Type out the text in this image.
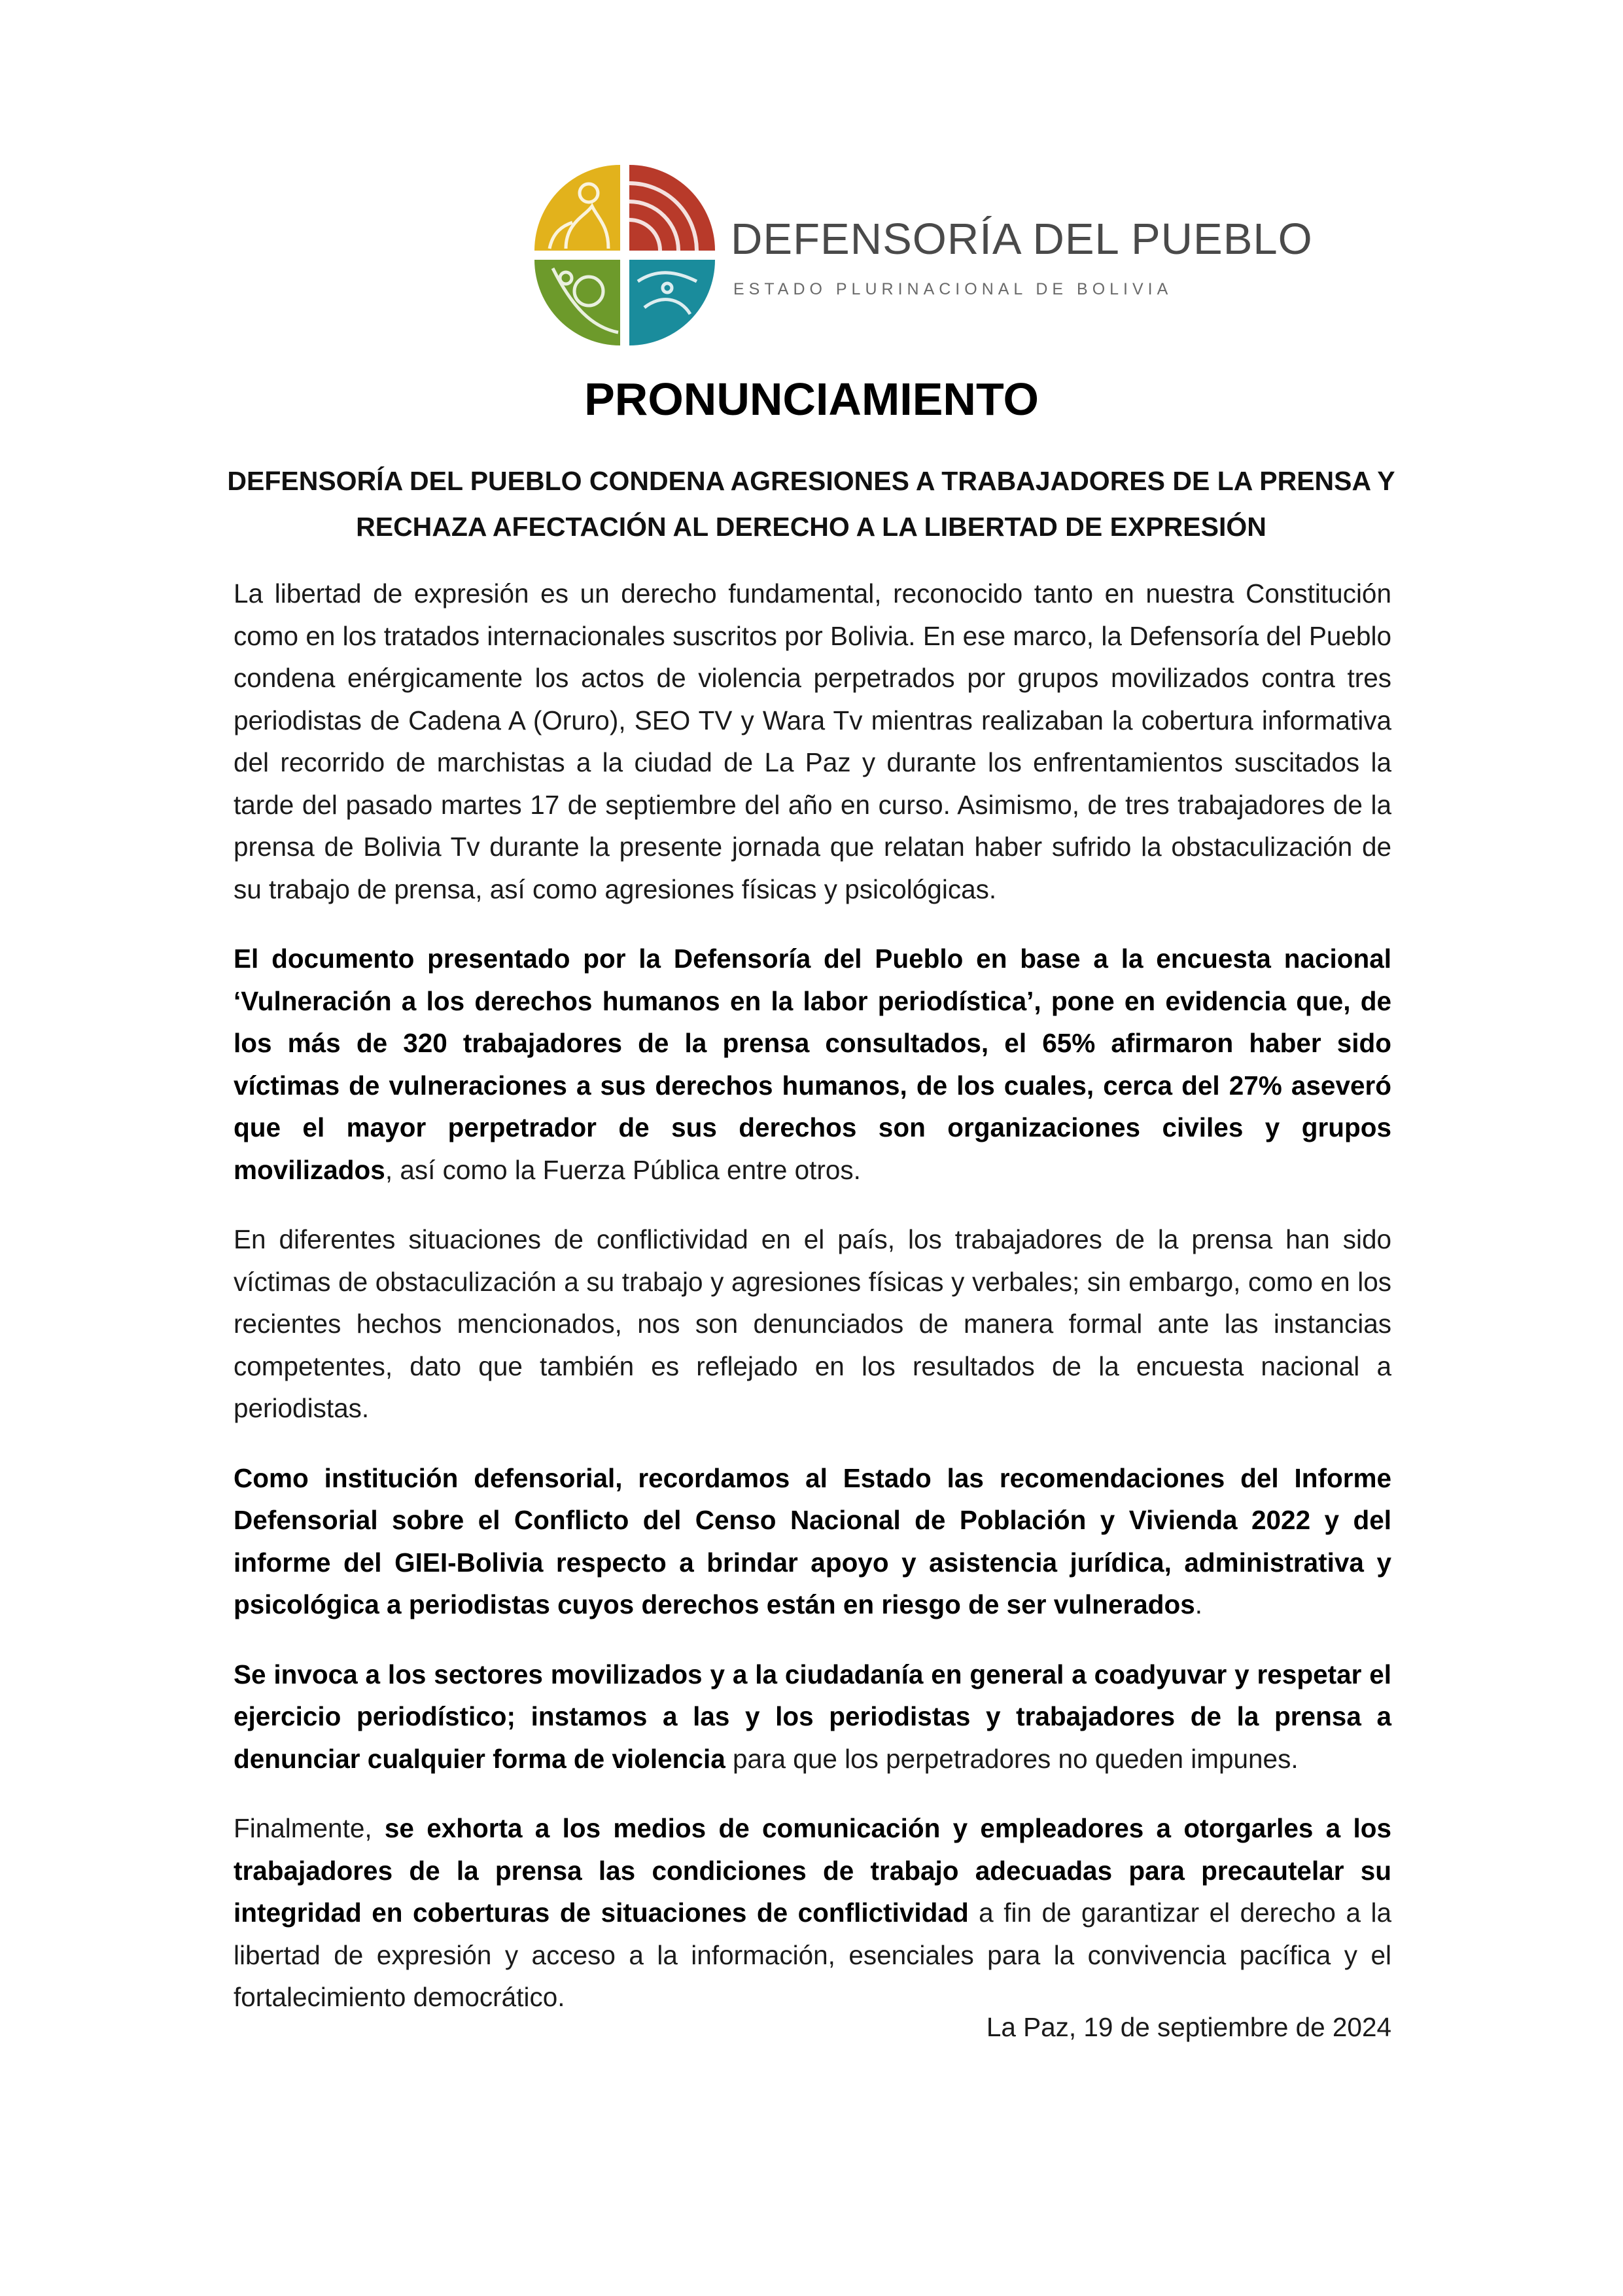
DEFENSORÍA DEL PUEBLO
ESTADO PLURINACIONAL DE BOLIVIA
PRONUNCIAMIENTO
DEFENSORÍA DEL PUEBLO CONDENA AGRESIONES A TRABAJADORES DE LA PRENSA Y
RECHAZA AFECTACIÓN AL DERECHO A LA LIBERTAD DE EXPRESIÓN

La libertad de expresión es un derecho fundamental, reconocido tanto en nuestra Constitución como en los tratados internacionales suscritos por Bolivia. En ese marco, la Defensoría del Pueblo condena enérgicamente los actos de violencia perpetrados por grupos movilizados contra tres periodistas de Cadena A (Oruro), SEO TV y Wara Tv mientras realizaban la cobertura informativa del recorrido de marchistas a la ciudad de La Paz y durante los enfrentamientos suscitados la tarde del pasado martes 17 de septiembre del año en curso. Asimismo, de tres trabajadores de la prensa de Bolivia Tv durante la presente jornada que relatan haber sufrido la obstaculización de su trabajo de prensa, así como agresiones físicas y psicológicas.

El documento presentado por la Defensoría del Pueblo en base a la encuesta nacional ‘Vulneración a los derechos humanos en la labor periodística’, pone en evidencia que, de los más de 320 trabajadores de la prensa consultados, el 65% afirmaron haber sido víctimas de vulneraciones a sus derechos humanos, de los cuales, cerca del 27% aseveró que el mayor perpetrador de sus derechos son organizaciones civiles y grupos movilizados, así como la Fuerza Pública entre otros.

En diferentes situaciones de conflictividad en el país, los trabajadores de la prensa han sido víctimas de obstaculización a su trabajo y agresiones físicas y verbales; sin embargo, como en los recientes hechos mencionados, nos son denunciados de manera formal ante las instancias competentes, dato que también es reflejado en los resultados de la encuesta nacional a periodistas.

Como institución defensorial, recordamos al Estado las recomendaciones del Informe Defensorial sobre el Conflicto del Censo Nacional de Población y Vivienda 2022 y del informe del GIEI-Bolivia respecto a brindar apoyo y asistencia jurídica, administrativa y psicológica a periodistas cuyos derechos están en riesgo de ser vulnerados.

Se invoca a los sectores movilizados y a la ciudadanía en general a coadyuvar y respetar el ejercicio periodístico; instamos a las y los periodistas y trabajadores de la prensa a denunciar cualquier forma de violencia para que los perpetradores no queden impunes.

Finalmente, se exhorta a los medios de comunicación y empleadores a otorgarles a los trabajadores de la prensa las condiciones de trabajo adecuadas para precautelar su integridad en coberturas de situaciones de conflictividad a fin de garantizar el derecho a la libertad de expresión y acceso a la información, esenciales para la convivencia pacífica y el fortalecimiento democrático.

La Paz, 19 de septiembre de 2024
